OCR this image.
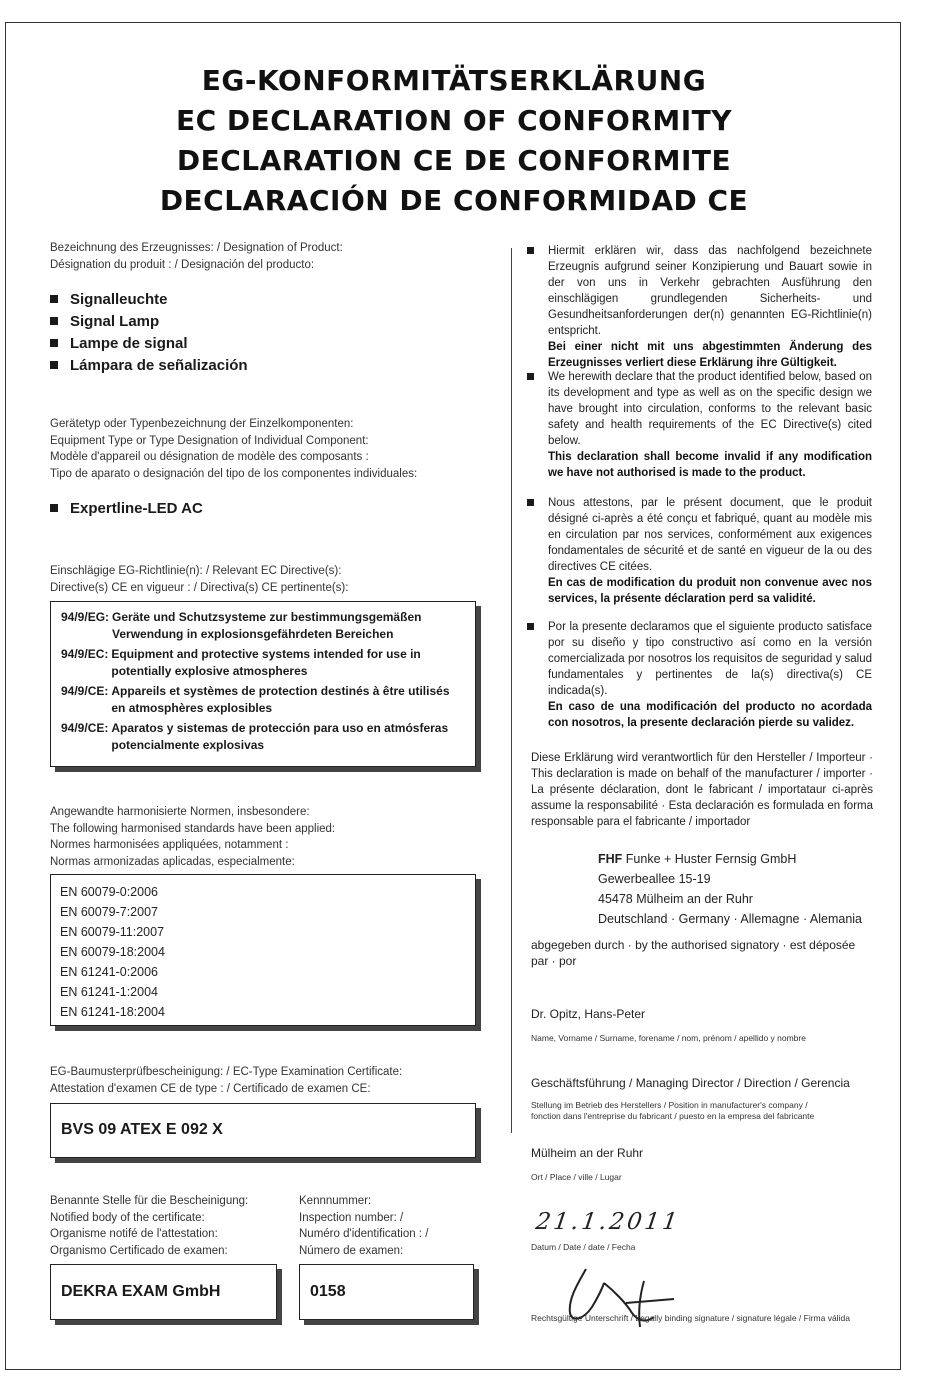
EG-KONFORMITÄTSERKLÄRUNG
EC DECLARATION OF CONFORMITY
DECLARATION CE DE CONFORMITE
DECLARACIÓN DE CONFORMIDAD CE
Bezeichnung des Erzeugnisses: / Designation of Product:
Désignation du produit : / Designación del producto:
Signalleuchte
Signal Lamp
Lampe de signal
Lámpara de señalización
Gerätetyp oder Typenbezeichnung der Einzelkomponenten:
Equipment Type or Type Designation of Individual Component:
Modèle d'appareil ou désignation de modèle des composants :
Tipo de aparato o designación del tipo de los componentes individuales:
Expertline-LED AC
Einschlägige EG-Richtlinie(n): / Relevant EC Directive(s):
Directive(s) CE en vigueur : / Directiva(s) CE pertinente(s):
94/9/EG: Geräte und Schutzsysteme zur bestimmungsgemäßen Verwendung in explosionsgefährdeten Bereichen
94/9/EC: Equipment and protective systems intended for use in potentially explosive atmospheres
94/9/CE: Appareils et systèmes de protection destinés à être utilisés en atmosphères explosibles
94/9/CE: Aparatos y sistemas de protección para uso en atmósferas potencialmente explosivas
Angewandte harmonisierte Normen, insbesondere:
The following harmonised standards have been applied:
Normes harmonisées appliquées, notamment :
Normas armonizadas aplicadas, especialmente:
EN 60079-0:2006
EN 60079-7:2007
EN 60079-11:2007
EN 60079-18:2004
EN 61241-0:2006
EN 61241-1:2004
EN 61241-18:2004
EG-Baumusterprüfbescheinigung: / EC-Type Examination Certificate:
Attestation d'examen CE de type : / Certificado de examen CE:
BVS 09 ATEX E 092 X
Benannte Stelle für die Bescheinigung:
Notified body of the certificate:
Organisme notifé de l'attestation:
Organismo Certificado de examen:
Kennnummer:
Inspection number: /
Numéro d'identification : /
Número de examen:
DEKRA EXAM GmbH	0158
Hiermit erklären wir, dass das nachfolgend bezeichnete Erzeugnis aufgrund seiner Konzipierung und Bauart sowie in der von uns in Verkehr gebrachten Ausführung den einschlägigen grundlegenden Sicherheits- und Gesundheitsanforderungen der(n) genannten EG-Richtlinie(n) entspricht.
Bei einer nicht mit uns abgestimmten Änderung des Erzeugnisses verliert diese Erklärung ihre Gültigkeit.
We herewith declare that the product identified below, based on its development and type as well as on the specific design we have brought into circulation, conforms to the relevant basic safety and health requirements of the EC Directive(s) cited below.
This declaration shall become invalid if any modification we have not authorised is made to the product.
Nous attestons, par le présent document, que le produit désigné ci-après a été conçu et fabriqué, quant au modèle mis en circulation par nos services, conformément aux exigences fondamentales de sécurité et de santé en vigueur de la ou des directives CE citées.
En cas de modification du produit non convenue avec nos services, la présente déclaration perd sa validité.
Por la presente declaramos que el siguiente producto satisface por su diseño y tipo constructivo así como en la versión comercializada por nosotros los requisitos de seguridad y salud fundamentales y pertinentes de la(s) directiva(s) CE indicada(s).
En caso de una modificación del producto no acordada con nosotros, la presente declaración pierde su validez.
Diese Erklärung wird verantwortlich für den Hersteller / Importeur · This declaration is made on behalf of the manufacturer / importer · La présente déclaration, dont le fabricant / importataur ci-après assume la responsabilité · Esta declaración es formulada en forma responsable para el fabricante / importador
FHF Funke + Huster Fernsig GmbH
Gewerbeallee 15-19
45478 Mülheim an der Ruhr
Deutschland · Germany · Allemagne · Alemania
abgegeben durch · by the authorised signatory · est déposée par · por
Dr. Opitz, Hans-Peter
Name, Vorname / Surname, forename / nom, prénom / apellido y nombre
Geschäftsführung / Managing Director / Direction / Gerencia
Stellung im Betrieb des Herstellers / Position in manufacturer's company /
fonction dans l'entreprise du fabricant / puesto en la empresa del fabricante
Mülheim an der Ruhr
Ort / Place / ville / Lugar
21.1.2011
Datum / Date / date / Fecha
Rechtsgültige Unterschrift / Legally binding signature / signature légale / Firma válida
